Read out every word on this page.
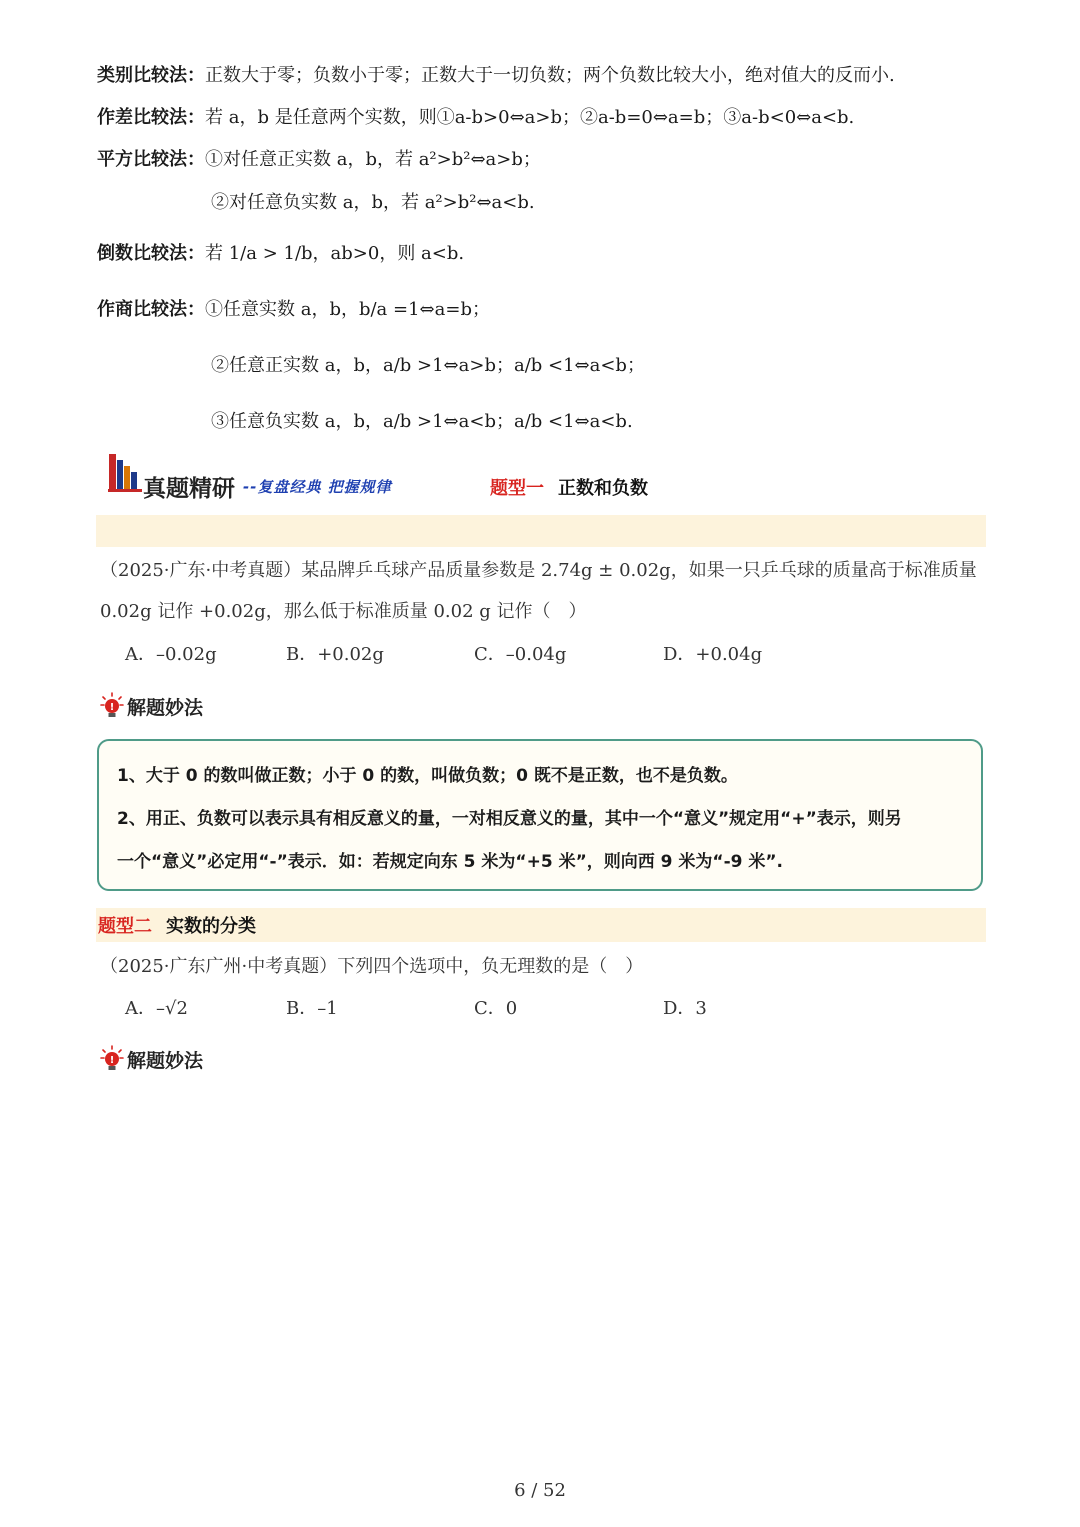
类别比较法：正数大于零；负数小于零；正数大于一切负数；两个负数比较大小，绝对值大的反而小.
作差比较法：若 a，b 是任意两个实数，则①a-b>0⇔a>b；②a-b=0⇔a=b；③a-b<0⇔a<b.
平方比较法：①对任意正实数 a，b，若 a²>b²⇔a>b；
②对任意负实数 a，b，若 a²>b²⇔a<b.
倒数比较法： 若 1/a > 1/b，ab>0，则 a<b.
作商比较法： ①任意实数 a，b，b/a =1⇔a=b；
②任意正实数 a，b，a/b >1⇔a>b；a/b <1⇔a<b；
③任意负实数 a，b，a/b >1⇔a<b；a/b <1⇔a<b.
真题精研 --复盘经典 把握规律	题型一 正数和负数
（2025·广东·中考真题）某品牌乒乓球产品质量参数是 2.74g ± 0.02g，如果一只乒乓球的质量高于标准质量
0.02g 记作 +0.02g，那么低于标准质量 0.02 g 记作（　）
A．–0.02g	B．+0.02g	C．–0.04g	D．+0.04g
! 解题妙法
1、大于 0 的数叫做正数；小于 0 的数，叫做负数；0 既不是正数，也不是负数。
2、用正、负数可以表示具有相反意义的量，一对相反意义的量，其中一个“意义”规定用“+”表示，则另
一个“意义”必定用“-”表示．如：若规定向东 5 米为“+5 米”，则向西 9 米为“-9 米”.
题型二 实数的分类
（2025·广东广州·中考真题）下列四个选项中，负无理数的是（　）
A．–√2	B．–1	C．0	D．3
! 解题妙法
6 / 52
